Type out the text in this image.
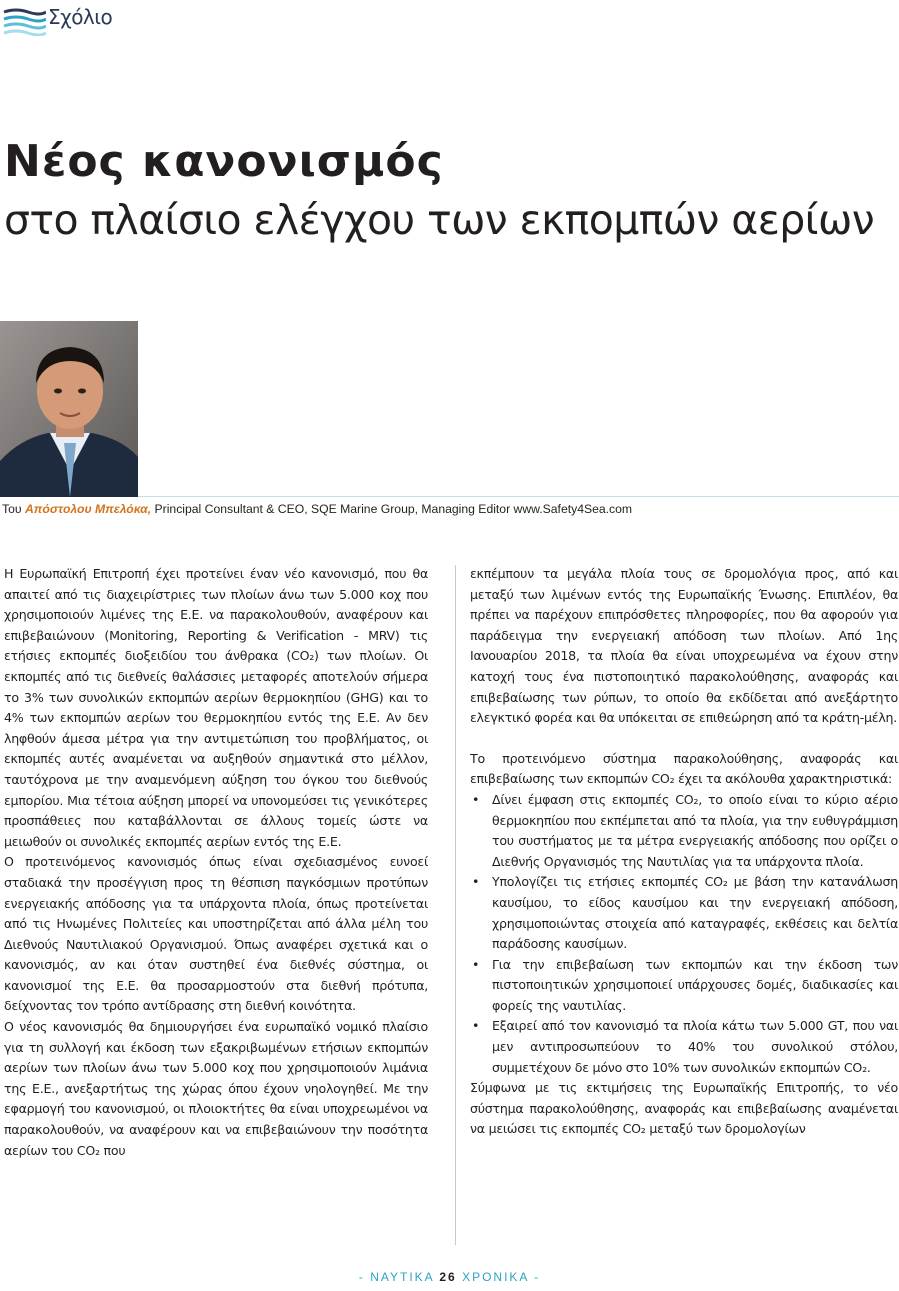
Σχόλιο
Νέος κανονισμός
στο πλαίσιο ελέγχου των εκπομπών αερίων
Του Απόστολου Μπελόκα, Principal Consultant & CEO, SQE Marine Group, Managing Editor www.Safety4Sea.com

Η Ευρωπαϊκή Επιτροπή έχει προτείνει έναν νέο κανονισμό, που θα απαιτεί από τις διαχειρίστριες των πλοίων άνω των 5.000 κοχ που χρησιμοποιούν λιμένες της Ε.Ε. να παρακολουθούν, αναφέρουν και επιβεβαιώνουν (Monitoring, Reporting & Verification - MRV) τις ετήσιες εκπομπές διοξειδίου του άνθρακα (CO₂) των πλοίων. Οι εκπομπές από τις διεθνείς θαλάσσιες μεταφορές αποτελούν σήμερα το 3% των συνολικών εκπομπών αερίων θερμοκηπίου (GHG) και το 4% των εκπομπών αερίων του θερμοκηπίου εντός της Ε.Ε. Αν δεν ληφθούν άμεσα μέτρα για την αντιμετώπιση του προβλήματος, οι εκπομπές αυτές αναμένεται να αυξηθούν σημαντικά στο μέλλον, ταυτόχρονα με την αναμενόμενη αύξηση του όγκου του διεθνούς εμπορίου. Μια τέτοια αύξηση μπορεί να υπονομεύσει τις γενικότερες προσπάθειες που καταβάλλονται σε άλλους τομείς ώστε να μειωθούν οι συνολικές εκπομπές αερίων εντός της Ε.Ε.

Ο προτεινόμενος κανονισμός όπως είναι σχεδιασμένος ευνοεί σταδιακά την προσέγγιση προς τη θέσπιση παγκόσμιων προτύπων ενεργειακής απόδοσης για τα υπάρχοντα πλοία, όπως προτείνεται από τις Ηνωμένες Πολιτείες και υποστηρίζεται από άλλα μέλη του Διεθνούς Ναυτιλιακού Οργανισμού. Όπως αναφέρει σχετικά και ο κανονισμός, αν και όταν συστηθεί ένα διεθνές σύστημα, οι κανονισμοί της Ε.Ε. θα προσαρμοστούν στα διεθνή πρότυπα, δείχνοντας τον τρόπο αντίδρασης στη διεθνή κοινότητα.

Ο νέος κανονισμός θα δημιουργήσει ένα ευρωπαϊκό νομικό πλαίσιο για τη συλλογή και έκδοση των εξακριβωμένων ετήσιων εκπομπών αερίων των πλοίων άνω των 5.000 κοχ που χρησιμοποιούν λιμάνια της Ε.Ε., ανεξαρτήτως της χώρας όπου έχουν νηολογηθεί. Με την εφαρμογή του κανονισμού, οι πλοιοκτήτες θα είναι υποχρεωμένοι να παρακολουθούν, να αναφέρουν και να επιβεβαιώνουν την ποσότητα αερίων του CO₂ που

εκπέμπουν τα μεγάλα πλοία τους σε δρομολόγια προς, από και μεταξύ των λιμένων εντός της Ευρωπαϊκής Ένωσης. Επιπλέον, θα πρέπει να παρέχουν επιπρόσθετες πληροφορίες, που θα αφορούν για παράδειγμα την ενεργειακή απόδοση των πλοίων. Από 1ης Ιανουαρίου 2018, τα πλοία θα είναι υποχρεωμένα να έχουν στην κατοχή τους ένα πιστοποιητικό παρακολούθησης, αναφοράς και επιβεβαίωσης των ρύπων, το οποίο θα εκδίδεται από ανεξάρτητο ελεγκτικό φορέα και θα υπόκειται σε επιθεώρηση από τα κράτη-μέλη.

Το προτεινόμενο σύστημα παρακολούθησης, αναφοράς και επιβεβαίωσης των εκπομπών CO₂ έχει τα ακόλουθα χαρακτηριστικά:

• Δίνει έμφαση στις εκπομπές CO₂, το οποίο είναι το κύριο αέριο θερμοκηπίου που εκπέμπεται από τα πλοία, για την ευθυγράμμιση του συστήματος με τα μέτρα ενεργειακής απόδοσης που ορίζει ο Διεθνής Οργανισμός της Ναυτιλίας για τα υπάρχοντα πλοία.
• Υπολογίζει τις ετήσιες εκπομπές CO₂ με βάση την κατανάλωση καυσίμου, το είδος καυσίμου και την ενεργειακή απόδοση, χρησιμοποιώντας στοιχεία από καταγραφές, εκθέσεις και δελτία παράδοσης καυσίμων.
• Για την επιβεβαίωση των εκπομπών και την έκδοση των πιστοποιητικών χρησιμοποιεί υπάρχουσες δομές, διαδικασίες και φορείς της ναυτιλίας.
• Εξαιρεί από τον κανονισμό τα πλοία κάτω των 5.000 GT, που ναι μεν αντιπροσωπεύουν το 40% του συνολικού στόλου, συμμετέχουν δε μόνο στο 10% των συνολικών εκπομπών CO₂.

Σύμφωνα με τις εκτιμήσεις της Ευρωπαϊκής Επιτροπής, το νέο σύστημα παρακολούθησης, αναφοράς και επιβεβαίωσης αναμένεται να μειώσει τις εκπομπές CO₂ μεταξύ των δρομολογίων

- ΝΑΥΤΙΚΑ 26 ΧΡΟΝΙΚΑ -
